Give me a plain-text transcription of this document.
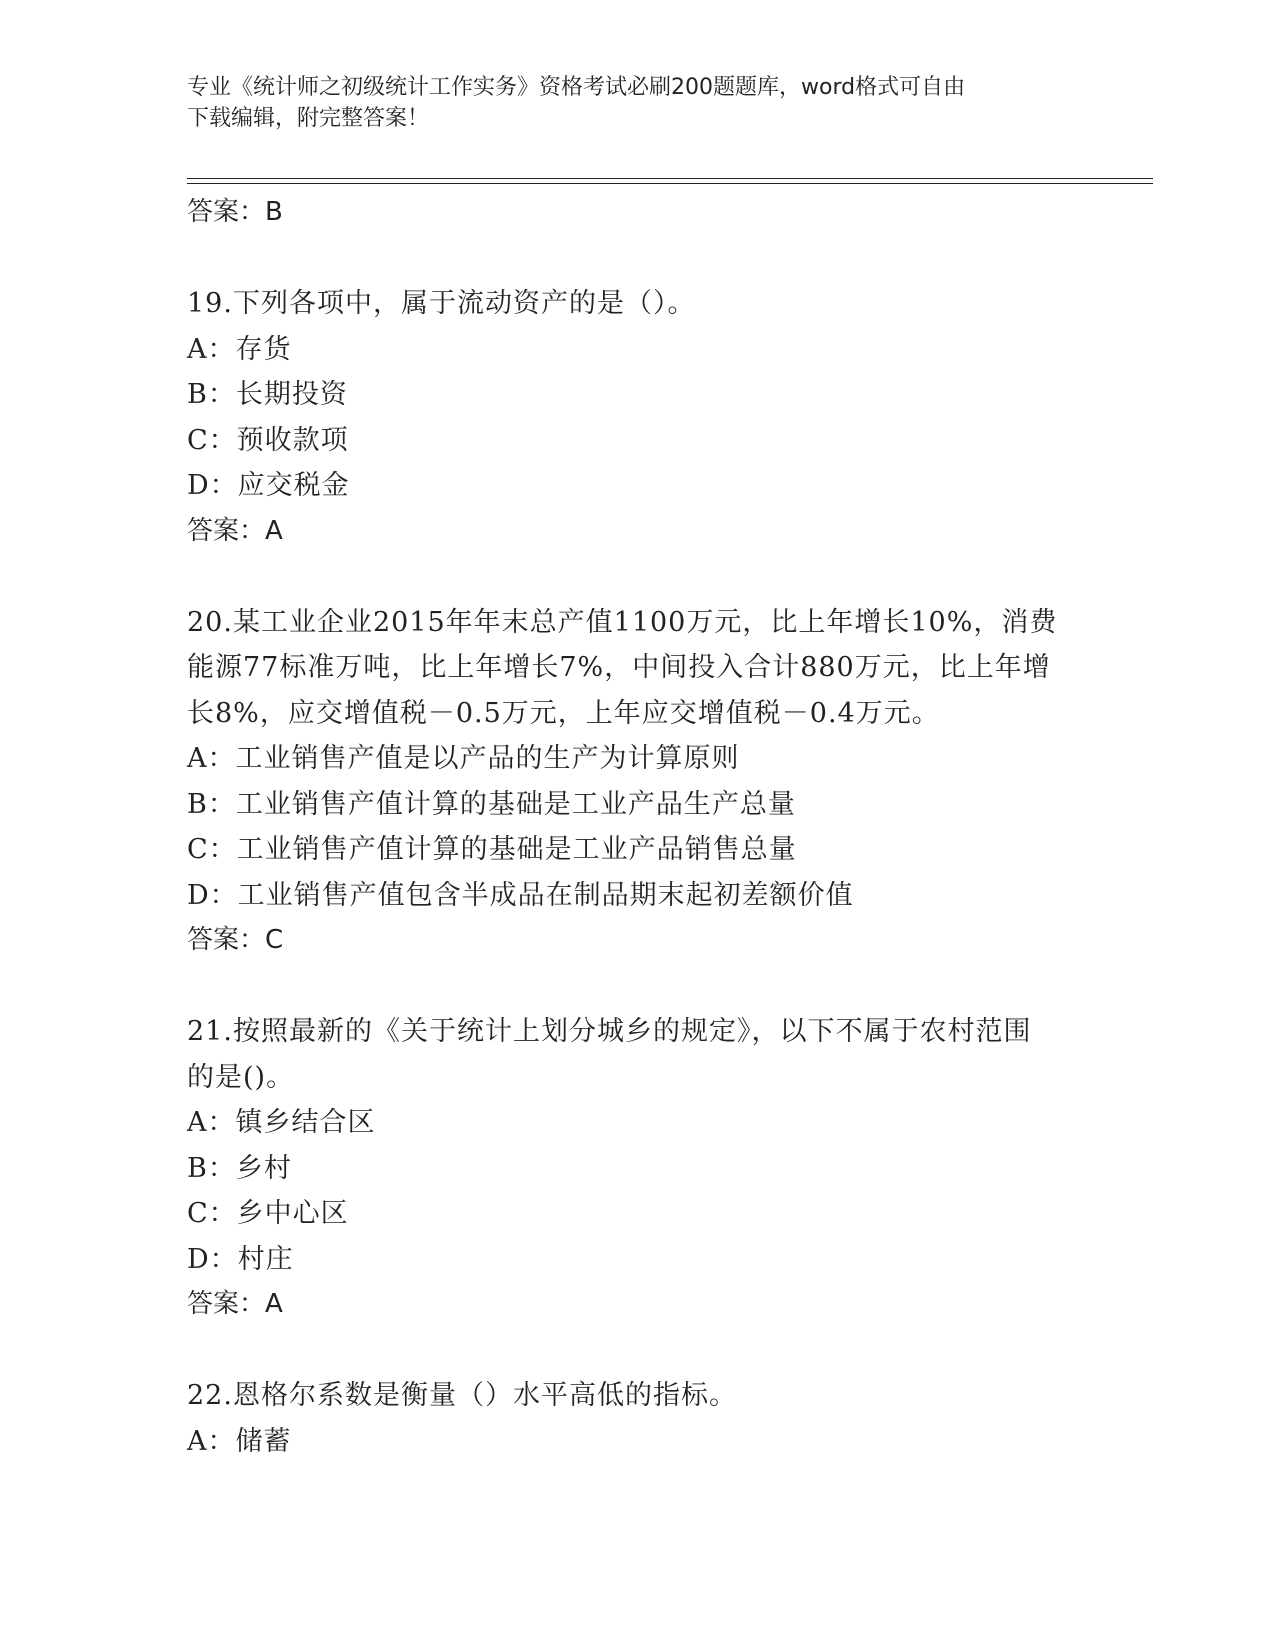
专业《统计师之初级统计工作实务》资格考试必刷200题题库，word格式可自由
下载编辑，附完整答案！
答案：B
19.下列各项中，属于流动资产的是（）。
A：存货
B：长期投资
C：预收款项
D：应交税金
答案：A
20.某工业企业2015年年末总产值1100万元，比上年增长10%，消费
能源77标准万吨，比上年增长7%，中间投入合计880万元，比上年增
长8%，应交增值税－0.5万元，上年应交增值税－0.4万元。
A：工业销售产值是以产品的生产为计算原则
B：工业销售产值计算的基础是工业产品生产总量
C：工业销售产值计算的基础是工业产品销售总量
D：工业销售产值包含半成品在制品期末起初差额价值
答案：C
21.按照最新的《关于统计上划分城乡的规定》，以下不属于农村范围
的是()。
A：镇乡结合区
B：乡村
C：乡中心区
D：村庄
答案：A
22.恩格尔系数是衡量（）水平高低的指标。
A：储蓄
